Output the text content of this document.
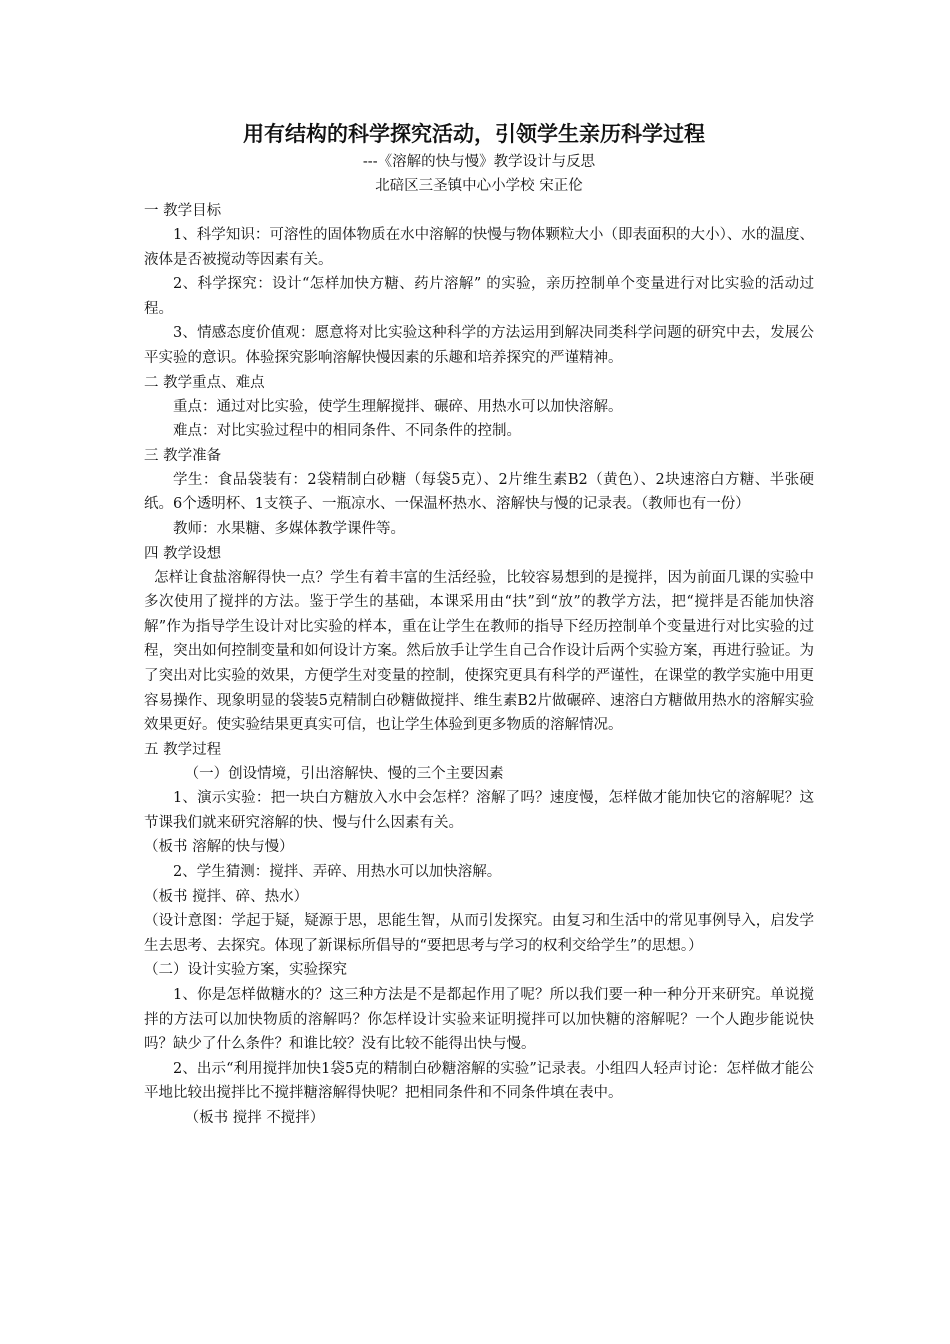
用有结构的科学探究活动，引领学生亲历科学过程
---《溶解的快与慢》教学设计与反思
北碚区三圣镇中心小学校 宋正伦
一 教学目标

1、科学知识：可溶性的固体物质在水中溶解的快慢与物体颗粒大小（即表面积的大小）、水的温度、液体是否被搅动等因素有关。

2、科学探究：设计“怎样加快方糖、药片溶解” 的实验，亲历控制单个变量进行对比实验的活动过程。

3、情感态度价值观：愿意将对比实验这种科学的方法运用到解决同类科学问题的研究中去，发展公平实验的意识。体验探究影响溶解快慢因素的乐趣和培养探究的严谨精神。

二 教学重点、难点

重点：通过对比实验，使学生理解搅拌、碾碎、用热水可以加快溶解。

难点：对比实验过程中的相同条件、不同条件的控制。

三 教学准备

学生：食品袋装有：2袋精制白砂糖（每袋5克）、2片维生素B2（黄色）、2块速溶白方糖、半张硬纸。6个透明杯、1支筷子、一瓶凉水、一保温杯热水、溶解快与慢的记录表。（教师也有一份）

教师：水果糖、多媒体教学课件等。

四 教学设想

怎样让食盐溶解得快一点？学生有着丰富的生活经验，比较容易想到的是搅拌，因为前面几课的实验中多次使用了搅拌的方法。鉴于学生的基础，本课采用由“扶”到“放”的教学方法，把“搅拌是否能加快溶解”作为指导学生设计对比实验的样本，重在让学生在教师的指导下经历控制单个变量进行对比实验的过程，突出如何控制变量和如何设计方案。然后放手让学生自己合作设计后两个实验方案，再进行验证。为了突出对比实验的效果，方便学生对变量的控制，使探究更具有科学的严谨性，在课堂的教学实施中用更容易操作、现象明显的袋装5克精制白砂糖做搅拌、维生素B2片做碾碎、速溶白方糖做用热水的溶解实验效果更好。使实验结果更真实可信，也让学生体验到更多物质的溶解情况。

五 教学过程

（一）创设情境，引出溶解快、慢的三个主要因素

1、演示实验：把一块白方糖放入水中会怎样？溶解了吗？速度慢，怎样做才能加快它的溶解呢？这节课我们就来研究溶解的快、慢与什么因素有关。

（板书 溶解的快与慢）

2、学生猜测：搅拌、弄碎、用热水可以加快溶解。

（板书 搅拌、碎、热水）

（设计意图：学起于疑，疑源于思，思能生智，从而引发探究。由复习和生活中的常见事例导入，启发学生去思考、去探究。体现了新课标所倡导的“要把思考与学习的权利交给学生”的思想。）

（二）设计实验方案，实验探究

1、你是怎样做糖水的？这三种方法是不是都起作用了呢？所以我们要一种一种分开来研究。单说搅拌的方法可以加快物质的溶解吗？你怎样设计实验来证明搅拌可以加快糖的溶解呢？一个人跑步能说快吗？缺少了什么条件？和谁比较？没有比较不能得出快与慢。

2、出示“利用搅拌加快1袋5克的精制白砂糖溶解的实验”记录表。小组四人轻声讨论：怎样做才能公平地比较出搅拌比不搅拌糖溶解得快呢？把相同条件和不同条件填在表中。

（板书 搅拌 不搅拌）
